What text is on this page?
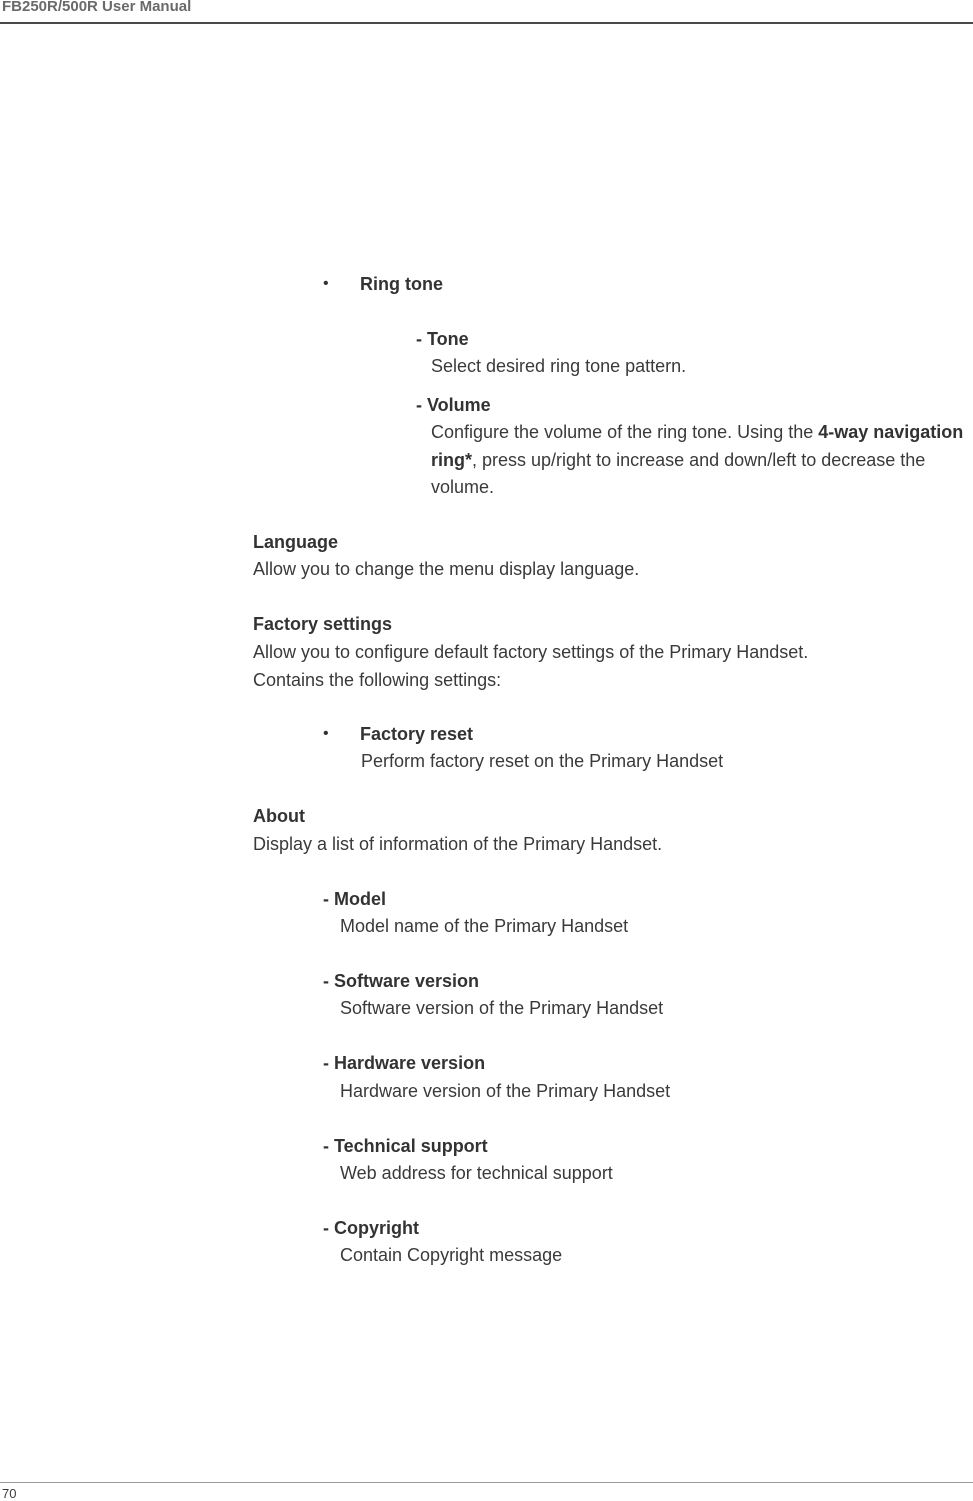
FB250R/500R User Manual
• Ring tone
- Tone
Select desired ring tone pattern.
- Volume
Configure the volume of the ring tone. Using the 4-way navigation ring*, press up/right to increase and down/left to decrease the volume.
Language
Allow you to change the menu display language.
Factory settings
Allow you to configure default factory settings of the Primary Handset.
Contains the following settings:
• Factory reset
Perform factory reset on the Primary Handset
About
Display a list of information of the Primary Handset.
- Model
Model name of the Primary Handset
- Software version
Software version of the Primary Handset
- Hardware version
Hardware version of the Primary Handset
- Technical support
Web address for technical support
- Copyright
Contain Copyright message
70
